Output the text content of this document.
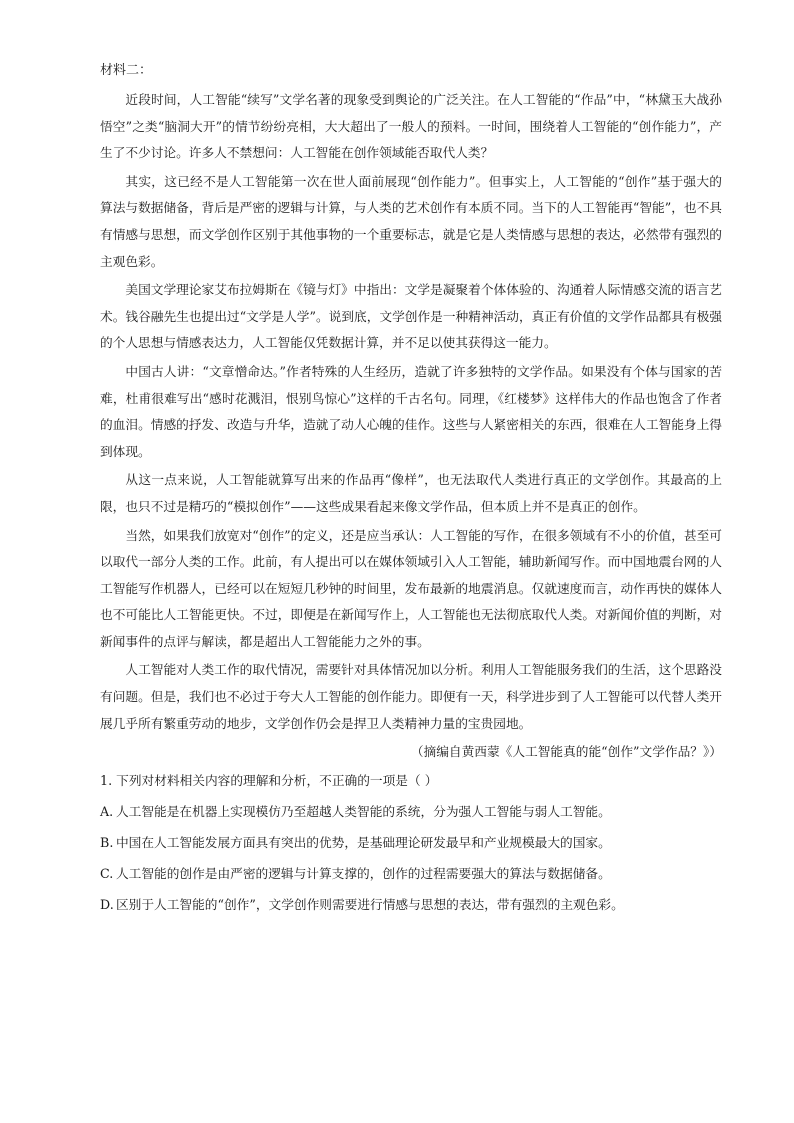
材料二：

近段时间，人工智能“续写”文学名著的现象受到舆论的广泛关注。在人工智能的“作品”中，“林黛玉大战孙悟空”之类“脑洞大开”的情节纷纷亮相，大大超出了一般人的预料。一时间，围绕着人工智能的“创作能力”，产生了不少讨论。许多人不禁想问：人工智能在创作领域能否取代人类？

其实，这已经不是人工智能第一次在世人面前展现“创作能力”。但事实上，人工智能的“创作”基于强大的算法与数据储备，背后是严密的逻辑与计算，与人类的艺术创作有本质不同。当下的人工智能再“智能”，也不具有情感与思想，而文学创作区别于其他事物的一个重要标志，就是它是人类情感与思想的表达，必然带有强烈的主观色彩。

美国文学理论家艾布拉姆斯在《镜与灯》中指出：文学是凝聚着个体体验的、沟通着人际情感交流的语言艺术。钱谷融先生也提出过“文学是人学”。说到底，文学创作是一种精神活动，真正有价值的文学作品都具有极强的个人思想与情感表达力，人工智能仅凭数据计算，并不足以使其获得这一能力。

中国古人讲：“文章憎命达。”作者特殊的人生经历，造就了许多独特的文学作品。如果没有个体与国家的苦难，杜甫很难写出“感时花溅泪，恨别鸟惊心”这样的千古名句。同理，《红楼梦》这样伟大的作品也饱含了作者的血泪。情感的抒发、改造与升华，造就了动人心魄的佳作。这些与人紧密相关的东西，很难在人工智能身上得到体现。

从这一点来说，人工智能就算写出来的作品再“像样”，也无法取代人类进行真正的文学创作。其最高的上限，也只不过是精巧的“模拟创作”——这些成果看起来像文学作品，但本质上并不是真正的创作。

当然，如果我们放宽对“创作”的定义，还是应当承认：人工智能的写作，在很多领域有不小的价值，甚至可以取代一部分人类的工作。此前，有人提出可以在媒体领域引入人工智能，辅助新闻写作。而中国地震台网的人工智能写作机器人，已经可以在短短几秒钟的时间里，发布最新的地震消息。仅就速度而言，动作再快的媒体人也不可能比人工智能更快。不过，即便是在新闻写作上，人工智能也无法彻底取代人类。对新闻价值的判断，对新闻事件的点评与解读，都是超出人工智能能力之外的事。

人工智能对人类工作的取代情况，需要针对具体情况加以分析。利用人工智能服务我们的生活，这个思路没有问题。但是，我们也不必过于夸大人工智能的创作能力。即便有一天，科学进步到了人工智能可以代替人类开展几乎所有繁重劳动的地步，文学创作仍会是捍卫人类精神力量的宝贵园地。

（摘编自黄西蒙《人工智能真的能“创作”文学作品？》）

1. 下列对材料相关内容的理解和分析，不正确的一项是（ ）

A. 人工智能是在机器上实现模仿乃至超越人类智能的系统，分为强人工智能与弱人工智能。

B. 中国在人工智能发展方面具有突出的优势，是基础理论研发最早和产业规模最大的国家。

C. 人工智能的创作是由严密的逻辑与计算支撑的，创作的过程需要强大的算法与数据储备。

D. 区别于人工智能的“创作”，文学创作则需要进行情感与思想的表达，带有强烈的主观色彩。
